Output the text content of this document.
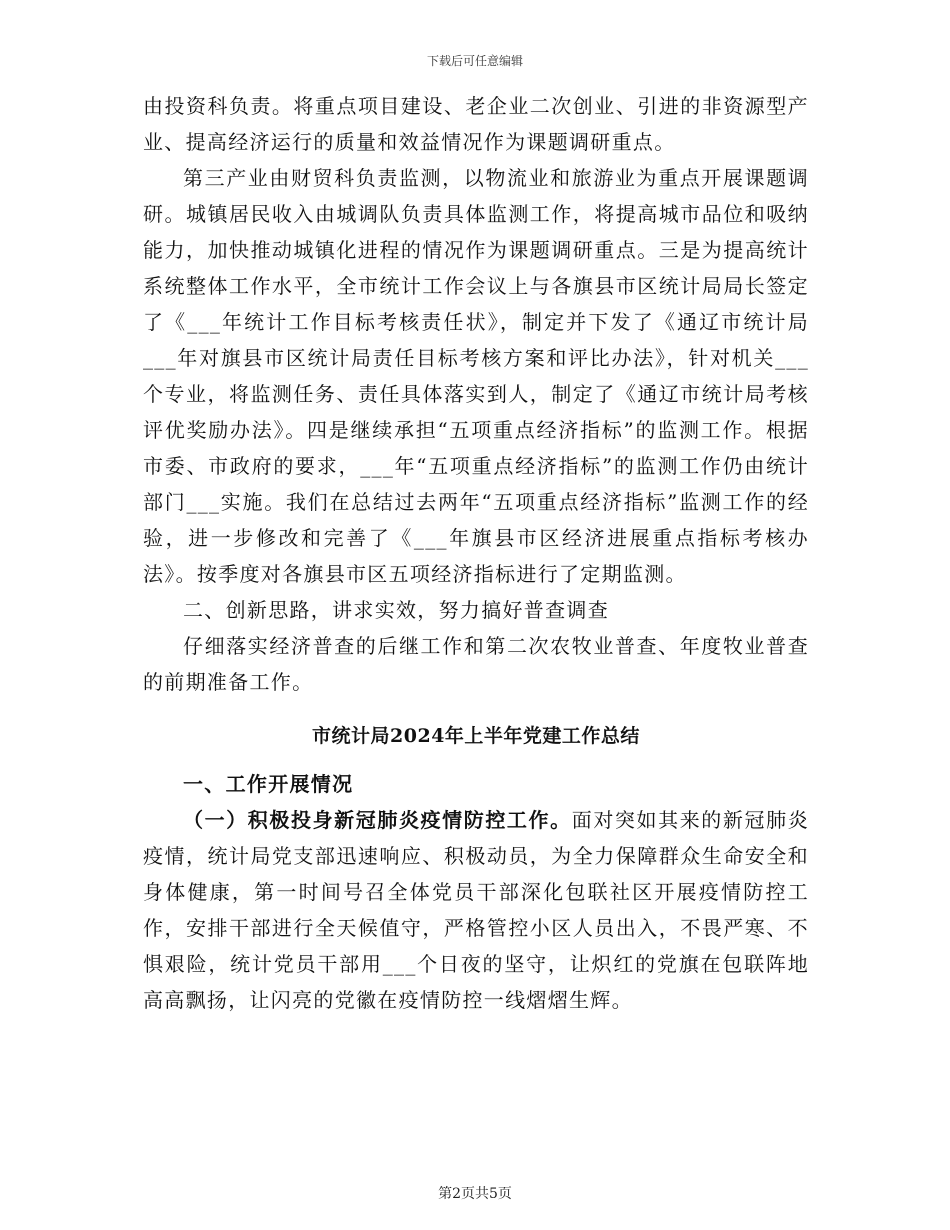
下载后可任意编辑

由投资科负责。将重点项目建设、老企业二次创业、引进的非资源型产业、提高经济运行的质量和效益情况作为课题调研重点。

第三产业由财贸科负责监测，以物流业和旅游业为重点开展课题调研。城镇居民收入由城调队负责具体监测工作，将提高城市品位和吸纳能力，加快推动城镇化进程的情况作为课题调研重点。三是为提高统计系统整体工作水平，全市统计工作会议上与各旗县市区统计局局长签定了《___年统计工作目标考核责任状》，制定并下发了《通辽市统计局___年对旗县市区统计局责任目标考核方案和评比办法》，针对机关___个专业，将监测任务、责任具体落实到人，制定了《通辽市统计局考核评优奖励办法》。四是继续承担“五项重点经济指标”的监测工作。根据市委、市政府的要求，___年“五项重点经济指标”的监测工作仍由统计部门___实施。我们在总结过去两年“五项重点经济指标”监测工作的经验，进一步修改和完善了《___年旗县市区经济进展重点指标考核办法》。按季度对各旗县市区五项经济指标进行了定期监测。

二、创新思路，讲求实效，努力搞好普查调查

仔细落实经济普查的后继工作和第二次农牧业普查、年度牧业普查的前期准备工作。

市统计局2024年上半年党建工作总结

一、工作开展情况

（一）积极投身新冠肺炎疫情防控工作。面对突如其来的新冠肺炎疫情，统计局党支部迅速响应、积极动员，为全力保障群众生命安全和身体健康，第一时间号召全体党员干部深化包联社区开展疫情防控工作，安排干部进行全天候值守，严格管控小区人员出入，不畏严寒、不惧艰险，统计党员干部用___个日夜的坚守，让炽红的党旗在包联阵地高高飘扬，让闪亮的党徽在疫情防控一线熠熠生辉。

第2页共5页
